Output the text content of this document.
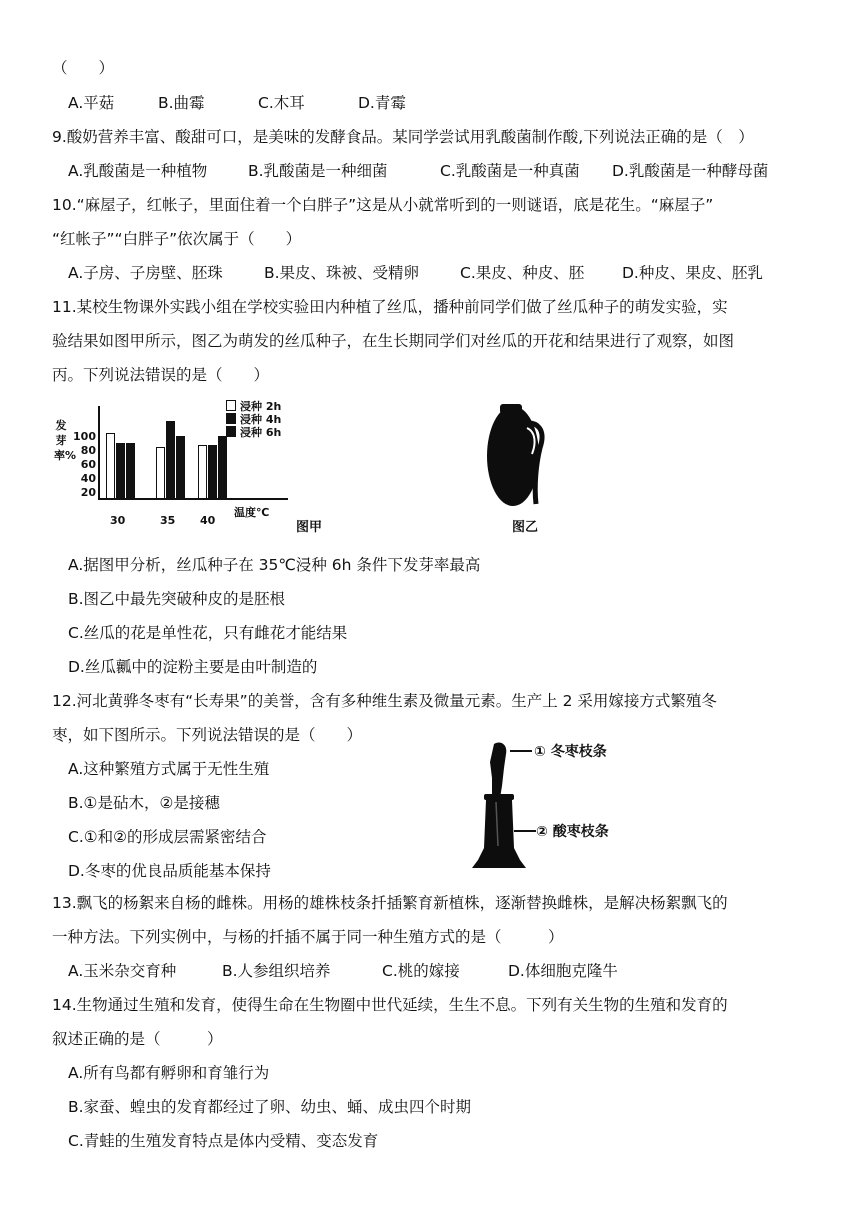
（　　）
A.平菇	B.曲霉	C.木耳	D.青霉
9.酸奶营养丰富、酸甜可口，是美味的发酵食品。某同学尝试用乳酸菌制作酸,下列说法正确的是（　）
A.乳酸菌是一种植物	B.乳酸菌是一种细菌	C.乳酸菌是一种真菌 D.乳酸菌是一种酵母菌
10.“麻屋子，红帐子，里面住着一个白胖子”这是从小就常听到的一则谜语，底是花生。“麻屋子”
“红帐子”“白胖子”依次属于（　　）
A.子房、子房壁、胚珠	B.果皮、珠被、受精卵	C.果皮、种皮、胚 D.种皮、果皮、胚乳
11.某校生物课外实践小组在学校实验田内种植了丝瓜，播种前同学们做了丝瓜种子的萌发实验，实
验结果如图甲所示，图乙为萌发的丝瓜种子，在生长期同学们对丝瓜的开花和结果进行了观察，如图
丙。下列说法错误的是（　　）
发芽率%
100
80
60
40
20
30	35 40
温度℃
浸种 2h
浸种 4h
浸种 6h
图甲	图乙
A.据图甲分析，丝瓜种子在 35℃浸种 6h 条件下发芽率最高
B.图乙中最先突破种皮的是胚根
C.丝瓜的花是单性花，只有雌花才能结果
D.丝瓜瓤中的淀粉主要是由叶制造的
12.河北黄骅冬枣有“长寿果”的美誉，含有多种维生素及微量元素。生产上 2 采用嫁接方式繁殖冬
枣，如下图所示。下列说法错误的是（　　）
A.这种繁殖方式属于无性生殖
B.①是砧木，②是接穗
C.①和②的形成层需紧密结合
D.冬枣的优良品质能基本保持
① 冬枣枝条
② 酸枣枝条
13.飘飞的杨絮来自杨的雌株。用杨的雄株枝条扦插繁育新植株，逐渐替换雌株，是解决杨絮飘飞的
一种方法。下列实例中，与杨的扦插不属于同一种生殖方式的是（　　　）
A.玉米杂交育种	B.人参组织培养	C.桃的嫁接	D.体细胞克隆牛
14.生物通过生殖和发育，使得生命在生物圈中世代延续，生生不息。下列有关生物的生殖和发育的
叙述正确的是（　　　）
A.所有鸟都有孵卵和育雏行为
B.家蚕、蝗虫的发育都经过了卵、幼虫、蛹、成虫四个时期
C.青蛙的生殖发育特点是体内受精、变态发育
